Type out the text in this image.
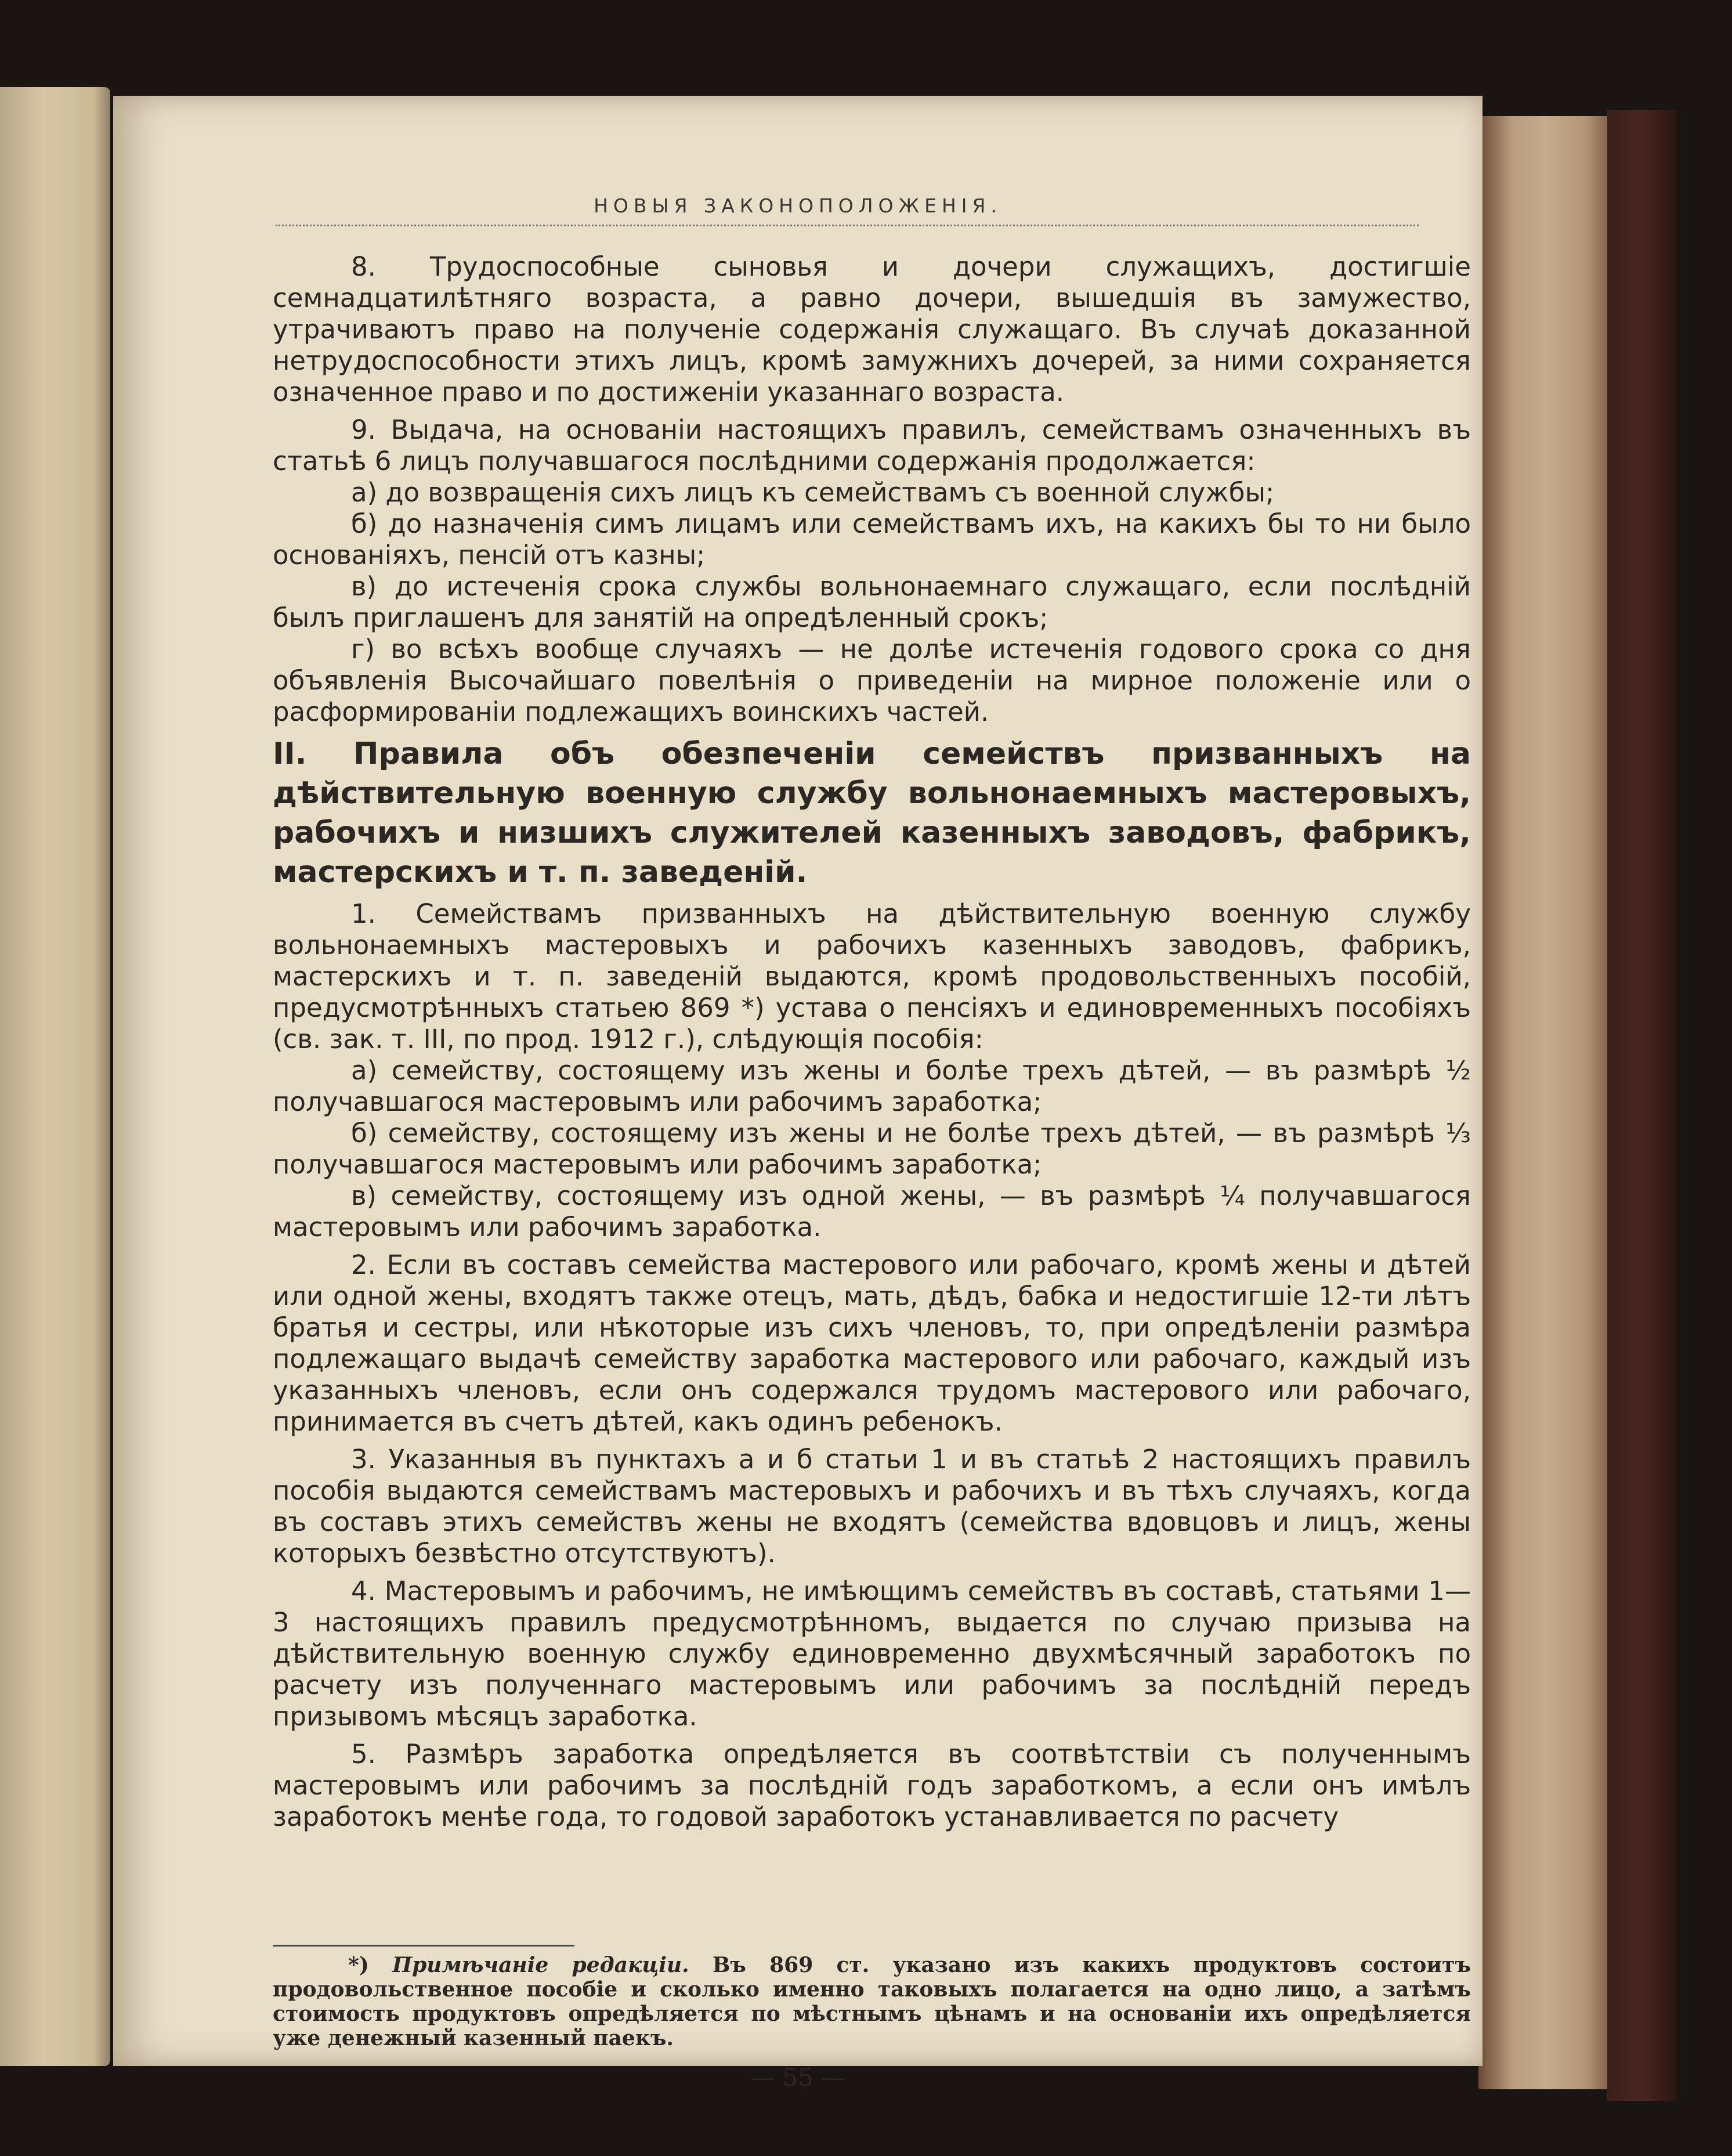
НОВЫЯ ЗАКОНОПОЛОЖЕНІЯ.

8. Трудоспособные сыновья и дочери служащихъ, достигшіе семнадцатилѣтняго возраста, а равно дочери, вышедшія въ замужество, утрачиваютъ право на полученіе содержанія служащаго. Въ случаѣ доказанной нетрудоспособности этихъ лицъ, кромѣ замужнихъ дочерей, за ними сохраняется означенное право и по достиженіи указаннаго возраста.

9. Выдача, на основаніи настоящихъ правилъ, семействамъ означенныхъ въ статьѣ 6 лицъ получавшагося послѣдними содержанія продолжается:

а) до возвращенія сихъ лицъ къ семействамъ съ военной службы;

б) до назначенія симъ лицамъ или семействамъ ихъ, на какихъ бы то ни было основаніяхъ, пенсій отъ казны;

в) до истеченія срока службы вольнонаемнаго служащаго, если послѣдній былъ приглашенъ для занятій на опредѣленный срокъ;

г) во всѣхъ вообще случаяхъ — не долѣе истеченія годового срока со дня объявленія Высочайшаго повелѣнія о приведеніи на мирное положеніе или о расформированіи подлежащихъ воинскихъ частей.

II. Правила объ обезпеченіи семействъ призванныхъ на дѣйствительную военную службу вольнонаемныхъ мастеровыхъ, рабочихъ и низшихъ служителей казенныхъ заводовъ, фабрикъ, мастерскихъ и т. п. заведеній.

1. Семействамъ призванныхъ на дѣйствительную военную службу вольнонаемныхъ мастеровыхъ и рабочихъ казенныхъ заводовъ, фабрикъ, мастерскихъ и т. п. заведеній выдаются, кромѣ продовольственныхъ пособій, предусмотрѣнныхъ статьею 869 *) устава о пенсіяхъ и единовременныхъ пособіяхъ (св. зак. т. III, по прод. 1912 г.), слѣдующія пособія:

а) семейству, состоящему изъ жены и болѣе трехъ дѣтей, — въ размѣрѣ ½ получавшагося мастеровымъ или рабочимъ заработка;

б) семейству, состоящему изъ жены и не болѣе трехъ дѣтей, — въ размѣрѣ ⅓ получавшагося мастеровымъ или рабочимъ заработка;

в) семейству, состоящему изъ одной жены, — въ размѣрѣ ¼ получавшагося мастеровымъ или рабочимъ заработка.

2. Если въ составъ семейства мастерового или рабочаго, кромѣ жены и дѣтей или одной жены, входятъ также отецъ, мать, дѣдъ, бабка и недостигшіе 12-ти лѣтъ братья и сестры, или нѣкоторые изъ сихъ членовъ, то, при опредѣленіи размѣра подлежащаго выдачѣ семейству заработка мастерового или рабочаго, каждый изъ указанныхъ членовъ, если онъ содержался трудомъ мастерового или рабочаго, принимается въ счетъ дѣтей, какъ одинъ ребенокъ.

3. Указанныя въ пунктахъ а и б статьи 1 и въ статьѣ 2 настоящихъ правилъ пособія выдаются семействамъ мастеровыхъ и рабочихъ и въ тѣхъ случаяхъ, когда въ составъ этихъ семействъ жены не входятъ (семейства вдовцовъ и лицъ, жены которыхъ безвѣстно отсутствуютъ).

4. Мастеровымъ и рабочимъ, не имѣющимъ семействъ въ составѣ, статьями 1—3 настоящихъ правилъ предусмотрѣнномъ, выдается по случаю призыва на дѣйствительную военную службу единовременно двухмѣсячный заработокъ по расчету изъ полученнаго мастеровымъ или рабочимъ за послѣдній передъ призывомъ мѣсяцъ заработка.

5. Размѣръ заработка опредѣляется въ соотвѣтствіи съ полученнымъ мастеровымъ или рабочимъ за послѣдній годъ заработкомъ, а если онъ имѣлъ заработокъ менѣе года, то годовой заработокъ устанавливается по расчету

*) Примѣчаніе редакціи. Въ 869 ст. указано изъ какихъ продуктовъ состоитъ продовольственное пособіе и сколько именно таковыхъ полагается на одно лицо, а затѣмъ стоимость продуктовъ опредѣляется по мѣстнымъ цѣнамъ и на основаніи ихъ опредѣляется уже денежный казенный паекъ.
— 55 —
